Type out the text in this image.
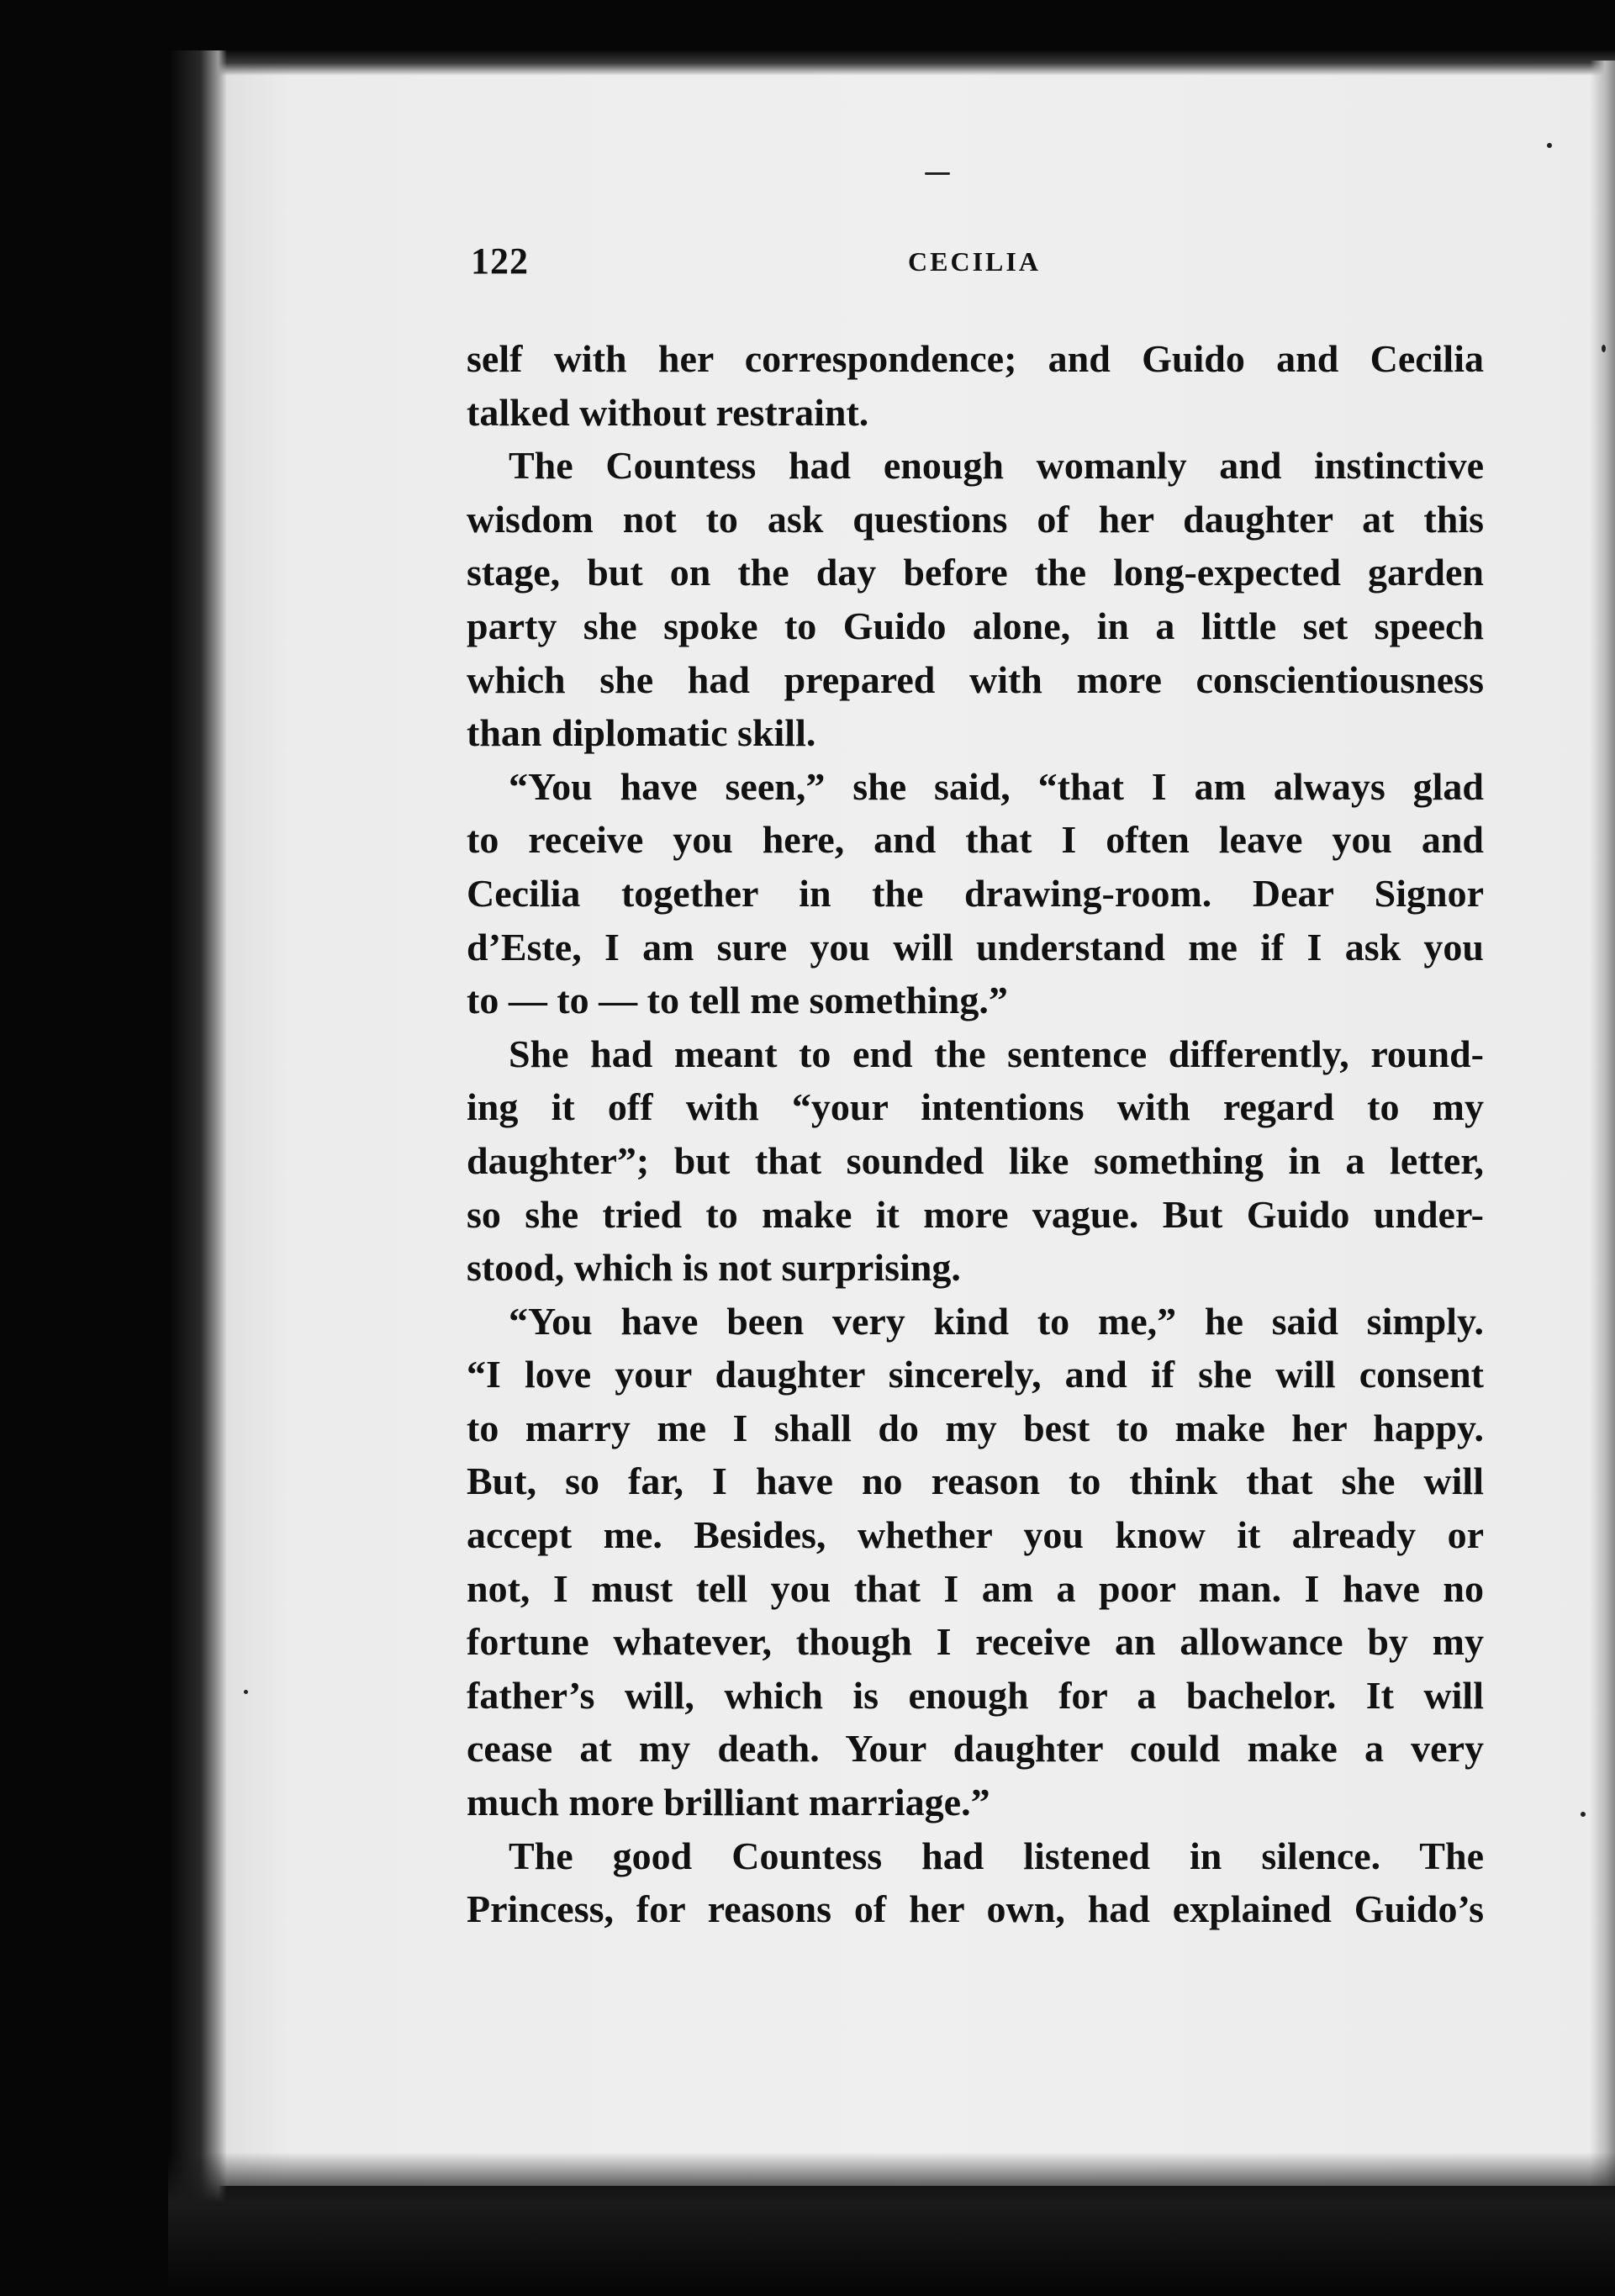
122	CECILIA
self with her correspondence; and Guido and Cecilia
talked without restraint.
The Countess had enough womanly and instinctive
wisdom not to ask questions of her daughter at this
stage, but on the day before the long-expected garden
party she spoke to Guido alone, in a little set speech
which she had prepared with more conscientiousness
than diplomatic skill.
“You have seen,” she said, “that I am always glad
to receive you here, and that I often leave you and
Cecilia together in the drawing-room. Dear Signor
d’Este, I am sure you will understand me if I ask you
to — to — to tell me something.”
She had meant to end the sentence differently, round-
ing it off with “your intentions with regard to my
daughter”; but that sounded like something in a letter,
so she tried to make it more vague. But Guido under-
stood, which is not surprising.
“You have been very kind to me,” he said simply.
“I love your daughter sincerely, and if she will consent
to marry me I shall do my best to make her happy.
But, so far, I have no reason to think that she will
accept me. Besides, whether you know it already or
not, I must tell you that I am a poor man. I have no
fortune whatever, though I receive an allowance by my
father’s will, which is enough for a bachelor. It will
cease at my death. Your daughter could make a very
much more brilliant marriage.”
The good Countess had listened in silence. The
Princess, for reasons of her own, had explained Guido’s
